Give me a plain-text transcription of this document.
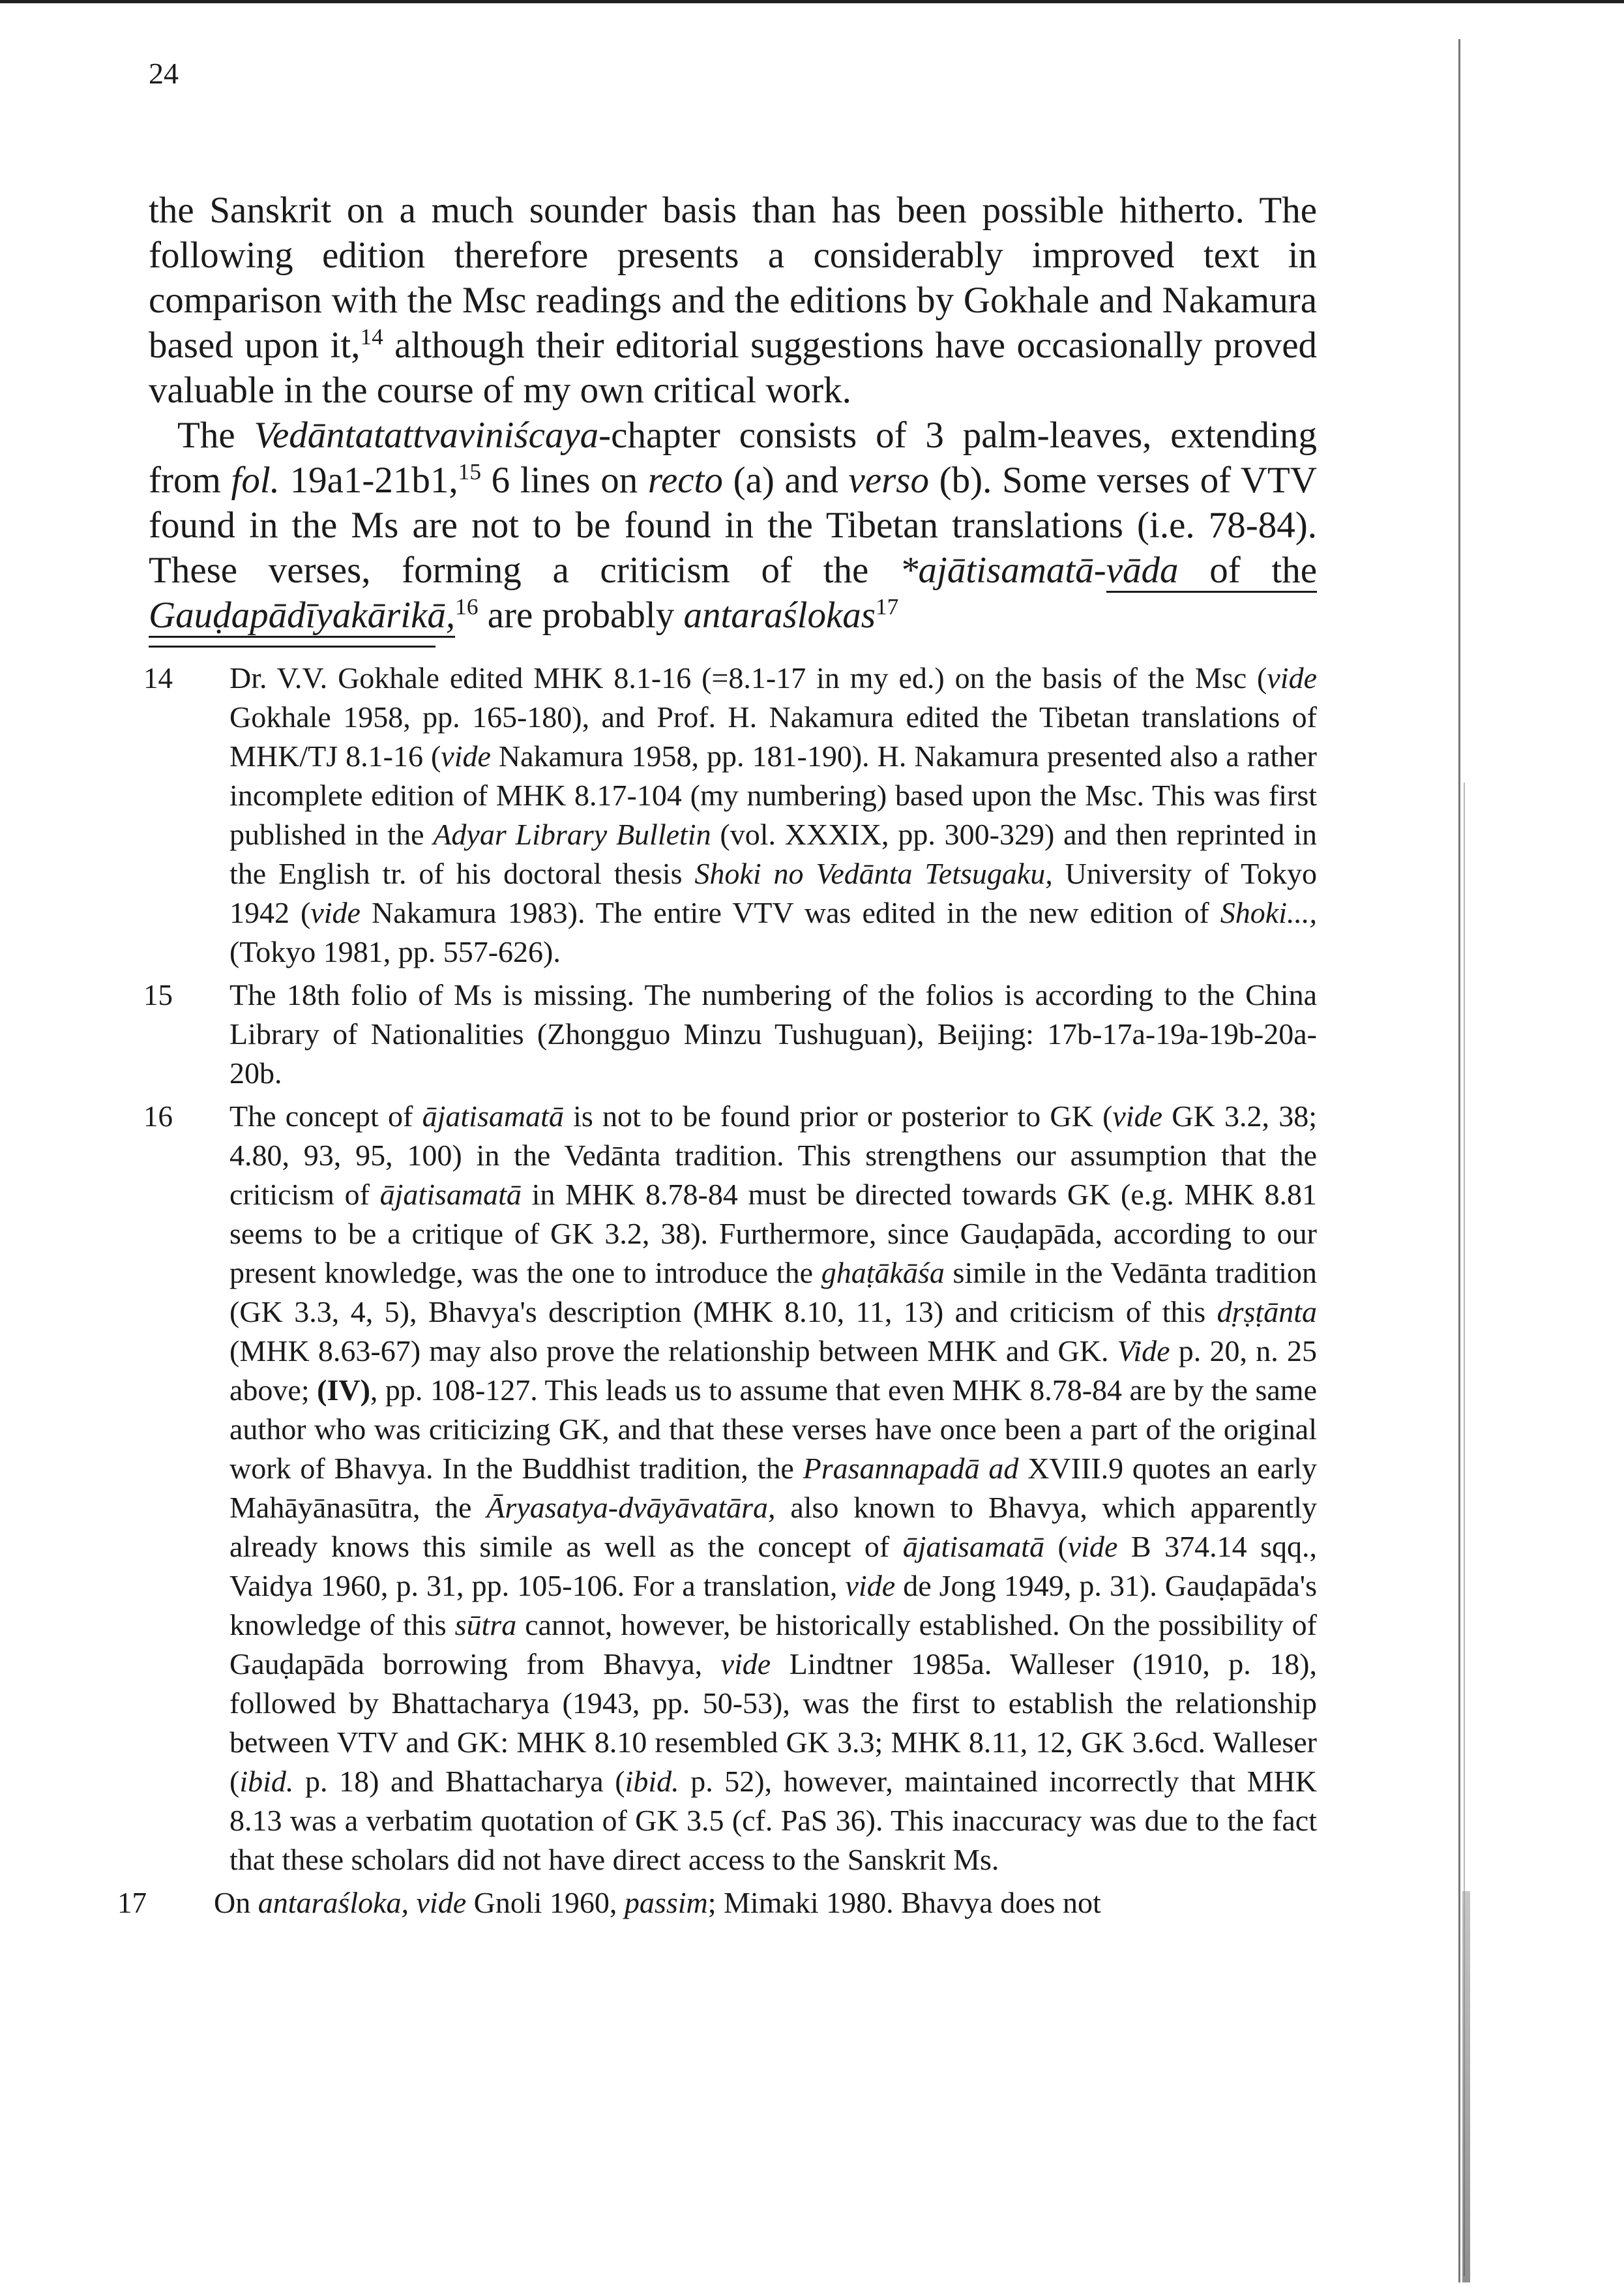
24

the Sanskrit on a much sounder basis than has been possible hitherto. The following edition therefore presents a considerably improved text in comparison with the Msc readings and the editions by Gokhale and Nakamura based upon it,$^{14}$ although their editorial suggestions have occasionally proved valuable in the course of my own critical work.

The Vedāntatattvaviniścaya-chapter consists of 3 palm-leaves, extending from fol. 19a1-21b1,15 6 lines on recto (a) and verso (b). Some verses of VTV found in the Ms are not to be found in the Tibetan translations (i.e. 78-84). These verses, forming a criticism of the *ajātisamatā-vāda of the Gauḍapādīyakārikā,$^{16}$ are probably antaraślokas$^{17}$

14 Dr. V.V. Gokhale edited MHK 8.1-16 (=8.1-17 in my ed.) on the basis of the Msc (vide Gokhale 1958, pp. 165-180), and Prof. H. Nakamura edited the Tibetan translations of MHK/TJ 8.1-16 (vide Nakamura 1958, pp. 181-190). H. Nakamura presented also a rather incomplete edition of MHK 8.17-104 (my numbering) based upon the Msc. This was first published in the Adyar Library Bulletin (vol. XXXIX, pp. 300-329) and then reprinted in the English tr. of his doctoral thesis Shoki no Vedānta Tetsugaku, University of Tokyo 1942 (vide Nakamura 1983). The entire VTV was edited in the new edition of Shoki..., (Tokyo 1981, pp. 557-626).
15 The 18th folio of Ms is missing. The numbering of the folios is according to the China Library of Nationalities (Zhongguo Minzu Tushuguan), Beijing: 17b-17a-19a-19b-20a-20b.
16 The concept of ājatisamatā is not to be found prior or posterior to GK (vide GK 3.2, 38; 4.80, 93, 95, 100) in the Vedānta tradition. This strengthens our assumption that the criticism of ājatisamatā in MHK 8.78-84 must be directed towards GK (e.g. MHK 8.81 seems to be a critique of GK 3.2, 38). Furthermore, since Gauḍapāda, according to our present knowledge, was the one to introduce the ghaṭākāśa simile in the Vedānta tradition (GK 3.3, 4, 5), Bhavya's description (MHK 8.10, 11, 13) and criticism of this dṛṣṭānta (MHK 8.63-67) may also prove the relationship between MHK and GK. Vide p. 20, n. 25 above; (IV), pp. 108-127. This leads us to assume that even MHK 8.78-84 are by the same author who was criticizing GK, and that these verses have once been a part of the original work of Bhavya. In the Buddhist tradition, the Prasannapadā ad XVIII.9 quotes an early Mahāyānasūtra, the Āryasatya-dvāyāvatāra, also known to Bhavya, which apparently already knows this simile as well as the concept of ājatisamatā (vide B 374.14 sqq., Vaidya 1960, p. 31, pp. 105-106. For a translation, vide de Jong 1949, p. 31). Gauḍapāda's knowledge of this sūtra cannot, however, be historically established. On the possibility of Gauḍapāda borrowing from Bhavya, vide Lindtner 1985a. Walleser (1910, p. 18), followed by Bhattacharya (1943, pp. 50-53), was the first to establish the relationship between VTV and GK: MHK 8.10 resembled GK 3.3; MHK 8.11, 12, GK 3.6cd. Walleser (ibid. p. 18) and Bhattacharya (ibid. p. 52), however, maintained incorrectly that MHK 8.13 was a verbatim quotation of GK 3.5 (cf. PaS 36). This inaccuracy was due to the fact that these scholars did not have direct access to the Sanskrit Ms.
17 On antaraśloka, vide Gnoli 1960, passim; Mimaki 1980. Bhavya does not
